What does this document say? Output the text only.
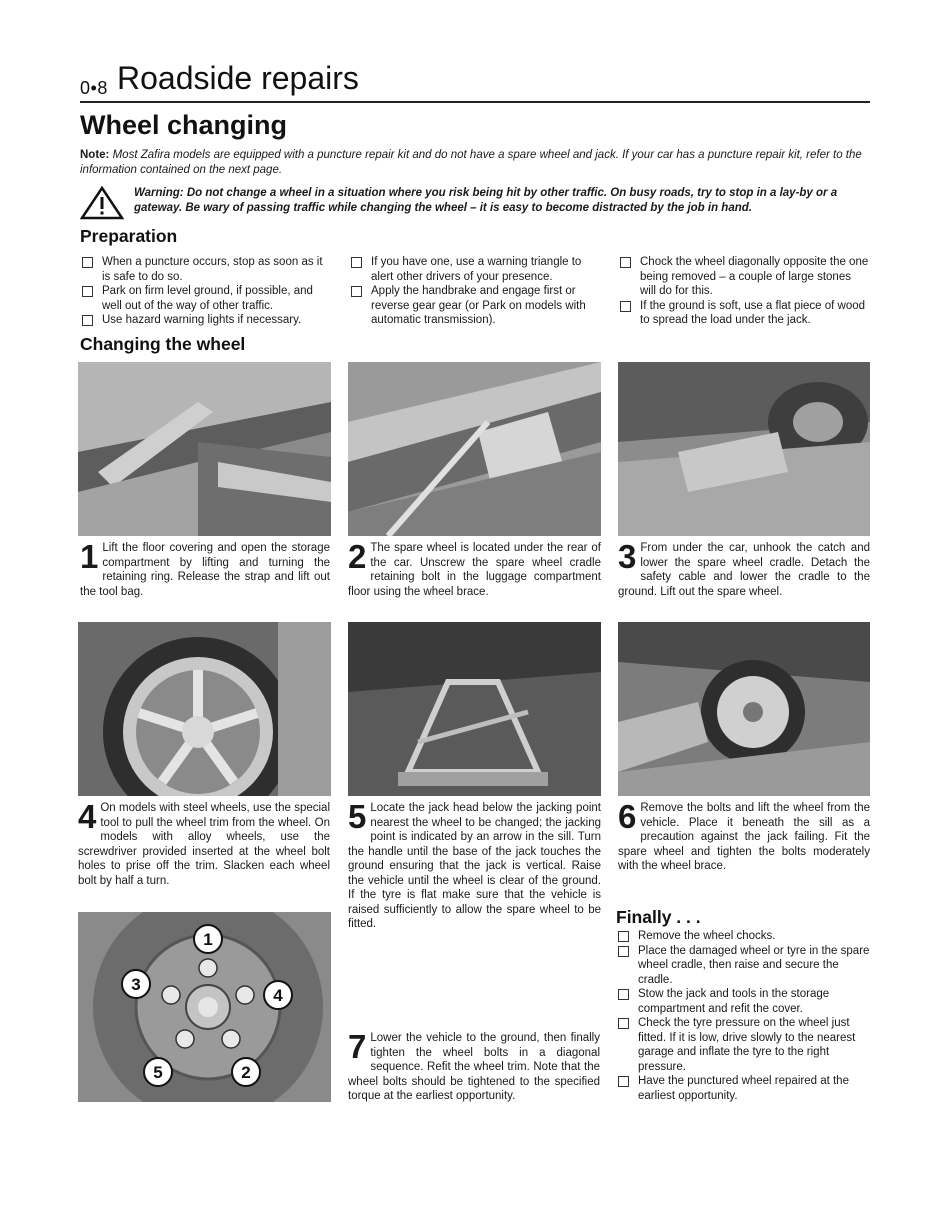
0•8 Roadside repairs
Wheel changing
Note: Most Zafira models are equipped with a puncture repair kit and do not have a spare wheel and jack. If your car has a puncture repair kit, refer to the information contained on the next page.
Warning: Do not change a wheel in a situation where you risk being hit by other traffic. On busy roads, try to stop in a lay-by or a gateway. Be wary of passing traffic while changing the wheel – it is easy to become distracted by the job in hand.
Preparation
When a puncture occurs, stop as soon as it is safe to do so.
Park on firm level ground, if possible, and well out of the way of other traffic.
Use hazard warning lights if necessary.
If you have one, use a warning triangle to alert other drivers of your presence.
Apply the handbrake and engage first or reverse gear gear (or Park on models with automatic transmission).
Chock the wheel diagonally opposite the one being removed – a couple of large stones will do for this.
If the ground is soft, use a flat piece of wood to spread the load under the jack.
Changing the wheel
1 Lift the floor covering and open the storage compartment by lifting and turning the retaining ring. Release the strap and lift out the tool bag.
2 The spare wheel is located under the rear of the car. Unscrew the spare wheel cradle retaining bolt in the luggage compartment floor using the wheel brace.
3 From under the car, unhook the catch and lower the spare wheel cradle. Detach the safety cable and lower the cradle to the ground. Lift out the spare wheel.
4 On models with steel wheels, use the special tool to pull the wheel trim from the wheel. On models with alloy wheels, use the screwdriver provided inserted at the wheel bolt holes to prise off the trim. Slacken each wheel bolt by half a turn.
5 Locate the jack head below the jacking point nearest the wheel to be changed; the jacking point is indicated by an arrow in the sill. Turn the handle until the base of the jack touches the ground ensuring that the jack is vertical. Raise the vehicle until the wheel is clear of the ground. If the tyre is flat make sure that the vehicle is raised sufficiently to allow the spare wheel to be fitted.
6 Remove the bolts and lift the wheel from the vehicle. Place it beneath the sill as a precaution against the jack failing. Fit the spare wheel and tighten the bolts moderately with the wheel brace.
1
4
2
5
3
7 Lower the vehicle to the ground, then finally tighten the wheel bolts in a diagonal sequence. Refit the wheel trim. Note that the wheel bolts should be tightened to the specified torque at the earliest opportunity.
Finally . . .
Remove the wheel chocks.
Place the damaged wheel or tyre in the spare wheel cradle, then raise and secure the cradle.
Stow the jack and tools in the storage compartment and refit the cover.
Check the tyre pressure on the wheel just fitted. If it is low, drive slowly to the nearest garage and inflate the tyre to the right pressure.
Have the punctured wheel repaired at the earliest opportunity.
